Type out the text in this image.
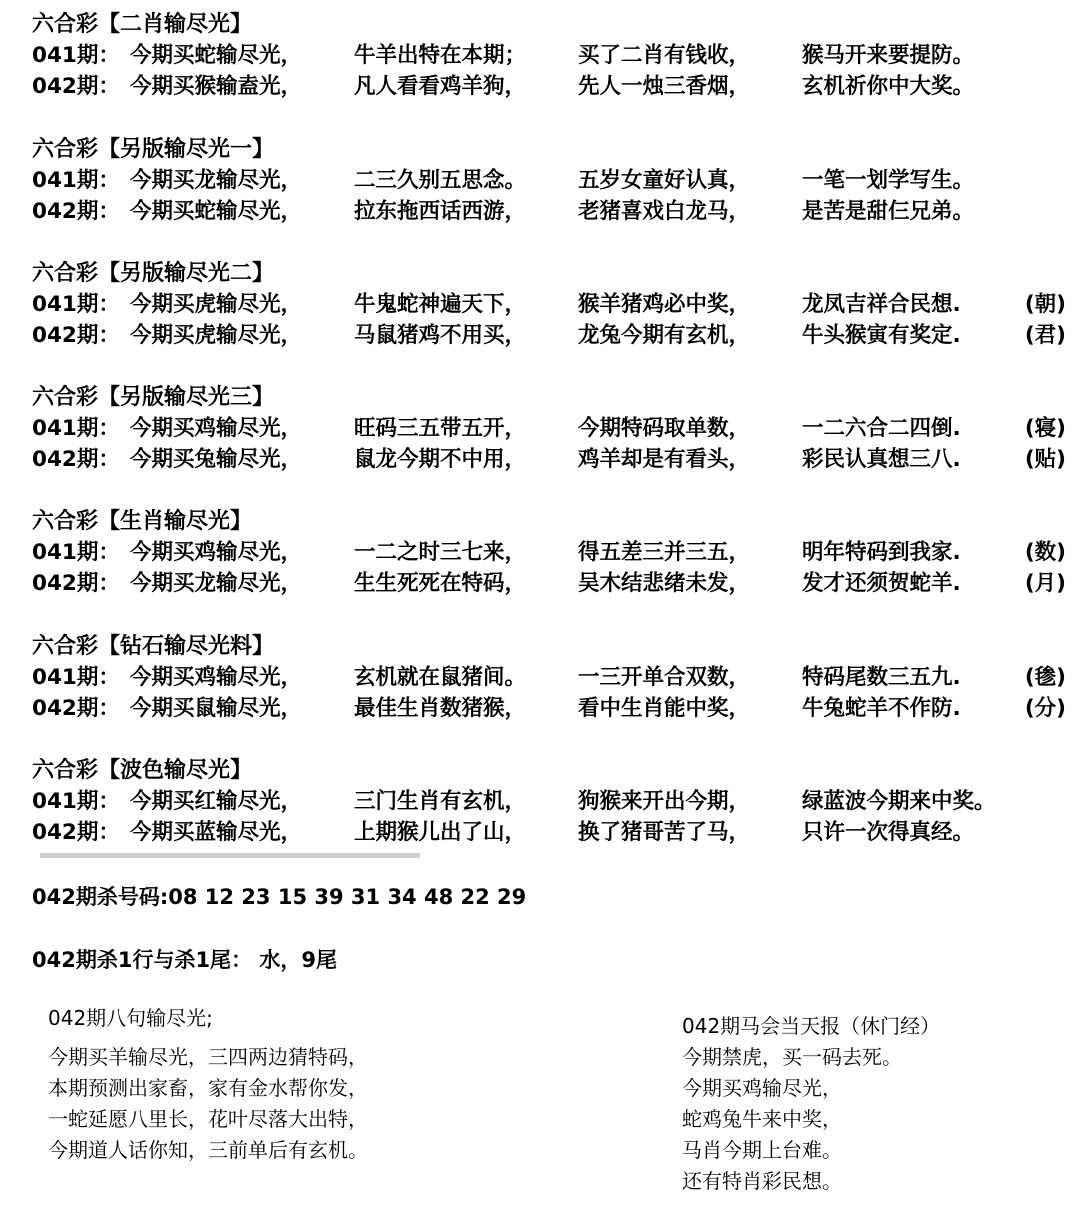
六合彩【二肖输尽光】
041期： 今期买蛇输尽光， 牛羊出特在本期； 买了二肖有钱收， 猴马开来要提防。
042期： 今期买猴输盍光， 凡人看看鸡羊狗， 先人一烛三香烟， 玄机祈你中大奖。
六合彩【另版输尽光一】
041期： 今期买龙输尽光， 二三久别五思念。 五岁女童好认真， 一笔一划学写生。
042期： 今期买蛇输尽光， 拉东拖西话西游， 老猪喜戏白龙马， 是苦是甜仨兄弟。
六合彩【另版输尽光二】
041期： 今期买虎输尽光， 牛鬼蛇神遍天下， 猴羊猪鸡必中奖， 龙凤吉祥合民想.	(朝)
042期： 今期买虎输尽光， 马鼠猪鸡不用买， 龙兔今期有玄机， 牛头猴寅有奖定.	(君)
六合彩【另版输尽光三】
041期： 今期买鸡输尽光， 旺码三五带五开， 今期特码取单数， 一二六合二四倒.	(寝)
042期： 今期买兔输尽光， 鼠龙今期不中用， 鸡羊却是有看头， 彩民认真想三八.	(贴)
六合彩【生肖输尽光】
041期： 今期买鸡输尽光， 一二之时三七来， 得五差三并三五， 明年特码到我家.	(数)
042期： 今期买龙输尽光， 生生死死在特码， 吴木结悲绪未发， 发才还须贺蛇羊.	(月)
六合彩【钻石输尽光料】
041期： 今期买鸡输尽光， 玄机就在鼠猪间。 一三开单合双数， 特码尾数三五九.	(毶)
042期： 今期买鼠输尽光， 最佳生肖数猪猴， 看中生肖能中奖， 牛兔蛇羊不作防.	(分)
六合彩【波色输尽光】
041期： 今期买红输尽光， 三门生肖有玄机， 狗猴来开出今期， 绿蓝波今期来中奖。
042期： 今期买蓝输尽光， 上期猴儿出了山， 换了猪哥苦了马， 只许一次得真经。
042期杀号码:08 12 23 15 39 31 34 48 22 29
042期杀1行与杀1尾： 水，9尾
042期八句输尽光;
今期买羊输尽光，三四两边猜特码，
本期预测出家畜，家有金水帮你发，
一蛇延愿八里长，花叶尽落大出特，
今期道人话你知，三前单后有玄机。
042期马会当天报（休门经）
今期禁虎，买一码去死。
今期买鸡输尽光，
蛇鸡兔牛来中奖，
马肖今期上台难。
还有特肖彩民想。
